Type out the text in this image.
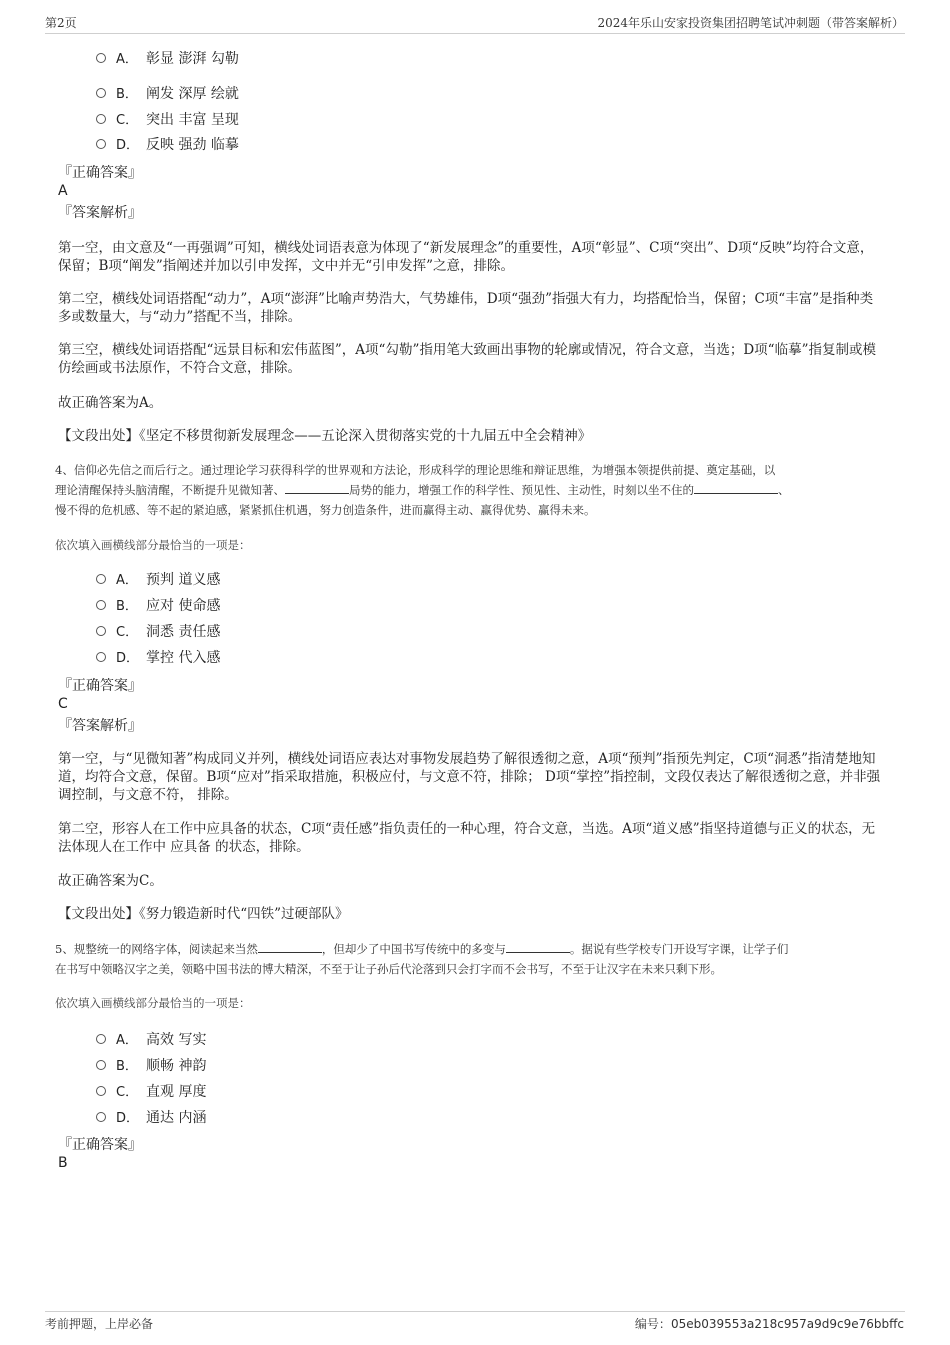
第2页	2024年乐山安家投资集团招聘笔试冲刺题（带答案解析）
A． 彰显 澎湃 勾勒
B． 阐发 深厚 绘就
C． 突出 丰富 呈现
D． 反映 强劲 临摹
『正确答案』
A
『答案解析』
第一空，由文意及“一再强调”可知，横线处词语表意为体现了“新发展理念”的重要性，A项“彰显”、C项“突出”、D项“反映”均符合文意，保留；B项“阐发”指阐述并加以引申发挥，文中并无“引申发挥”之意，排除。
第二空，横线处词语搭配“动力”，A项“澎湃”比喻声势浩大，气势雄伟，D项“强劲”指强大有力，均搭配恰当，保留；C项“丰富”是指种类多或数量大，与“动力”搭配不当，排除。
第三空，横线处词语搭配“远景目标和宏伟蓝图”，A项“勾勒”指用笔大致画出事物的轮廓或情况，符合文意，当选；D项“临摹”指复制或模仿绘画或书法原作，不符合文意，排除。
故正确答案为A。
【文段出处】《坚定不移贯彻新发展理念——五论深入贯彻落实党的十九届五中全会精神》
4、信仰必先信之而后行之。通过理论学习获得科学的世界观和方法论，形成科学的理论思维和辩证思维，为增强本领提供前提、奠定基础，以
理论清醒保持头脑清醒，不断提升见微知著、	局势的能力，增强工作的科学性、预见性、主动性，时刻以坐不住的	、
慢不得的危机感、等不起的紧迫感，紧紧抓住机遇，努力创造条件，进而赢得主动、赢得优势、赢得未来。
依次填入画横线部分最恰当的一项是：
A． 预判 道义感
B． 应对 使命感
C． 洞悉 责任感
D． 掌控 代入感
『正确答案』
C
『答案解析』
第一空，与“见微知著”构成同义并列，横线处词语应表达对事物发展趋势了解很透彻之意，A项“预判”指预先判定，C项“洞悉”指清楚地知道，均符合文意，保留。B项“应对”指采取措施，积极应付，与文意不符，排除； D项“掌控”指控制，文段仅表达了解很透彻之意，并非强调控制，与文意不符， 排除。
第二空，形容人在工作中应具备的状态，C项“责任感”指负责任的一种心理，符合文意，当选。A项“道义感”指坚持道德与正义的状态，无法体现人在工作中 应具备 的状态，排除。
故正确答案为C。
【文段出处】《努力锻造新时代“四铁”过硬部队》
5、规整统一的网络字体，阅读起来当然	，但却少了中国书写传统中的多变与	。据说有些学校专门开设写字课，让学子们
在书写中领略汉字之美，领略中国书法的博大精深，不至于让子孙后代沦落到只会打字而不会书写，不至于让汉字在未来只剩下形。
依次填入画横线部分最恰当的一项是：
A． 高效 写实
B． 顺畅 神韵
C． 直观 厚度
D． 通达 内涵
『正确答案』
B
考前押题，上岸必备	编号：05eb039553a218c957a9d9c9e76bbffc
